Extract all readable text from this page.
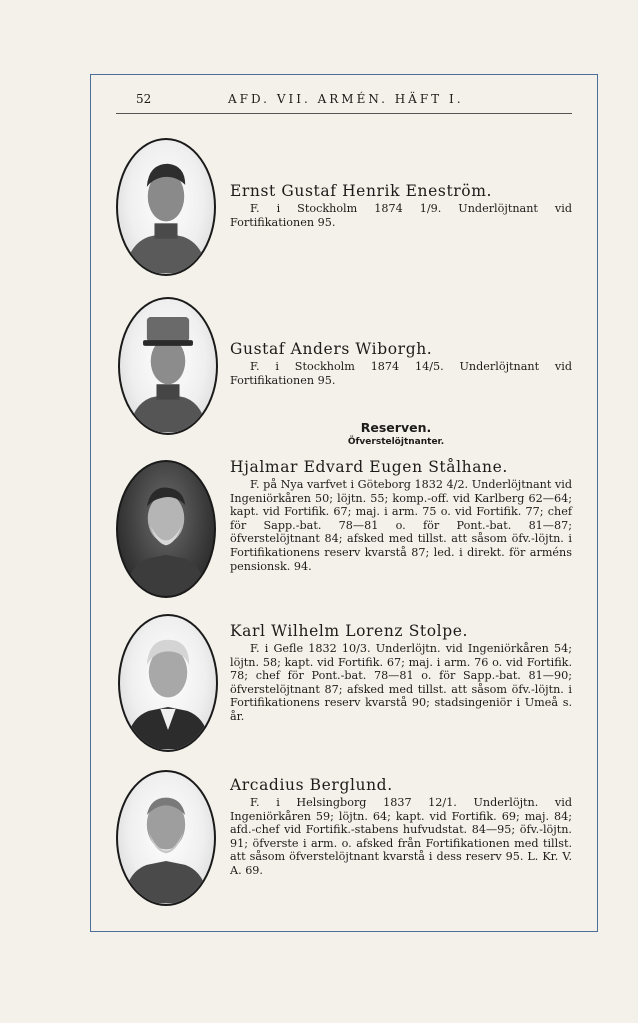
52	AFD. VII. ARMÉN. HÄFT I.

Ernst Gustaf Henrik Eneström.

F. i Stockholm 1874 1/9. Underlöjtnant vid Fortifikationen 95.

Gustaf Anders Wiborgh.

F. i Stockholm 1874 14/5. Underlöjtnant vid Fortifikationen 95.

Reserven.
Öfverstelöjtnanter.

Hjalmar Edvard Eugen Stålhane.

F. på Nya varfvet i Göteborg 1832 4/2. Underlöjtnant vid Ingeniörkåren 50; löjtn. 55; komp.-off. vid Karlberg 62—64; kapt. vid Fortifik. 67; maj. i arm. 75 o. vid Fortifik. 77; chef för Sapp.-bat. 78—81 o. för Pont.-bat. 81—87; öfverstelöjtnant 84; afsked med tillst. att såsom öfv.-löjtn. i Fortifikationens reserv kvarstå 87; led. i direkt. för arméns pensionsk. 94.

Karl Wilhelm Lorenz Stolpe.

F. i Gefle 1832 10/3. Underlöjtn. vid Ingeniörkåren 54; löjtn. 58; kapt. vid Fortifik. 67; maj. i arm. 76 o. vid Fortifik. 78; chef för Pont.-bat. 78—81 o. för Sapp.-bat. 81—90; öfverstelöjtnant 87; afsked med tillst. att såsom öfv.-löjtn. i Fortifikationens reserv kvarstå 90; stadsingeniör i Umeå s. år.

Arcadius Berglund.

F. i Helsingborg 1837 12/1. Underlöjtn. vid Ingeniörkåren 59; löjtn. 64; kapt. vid Fortifik. 69; maj. 84; afd.-chef vid Fortifik.-stabens hufvudstat. 84—95; öfv.-löjtn. 91; öfverste i arm. o. afsked från Fortifikationen med tillst. att såsom öfverstelöjtnant kvarstå i dess reserv 95. L. Kr. V. A. 69.
